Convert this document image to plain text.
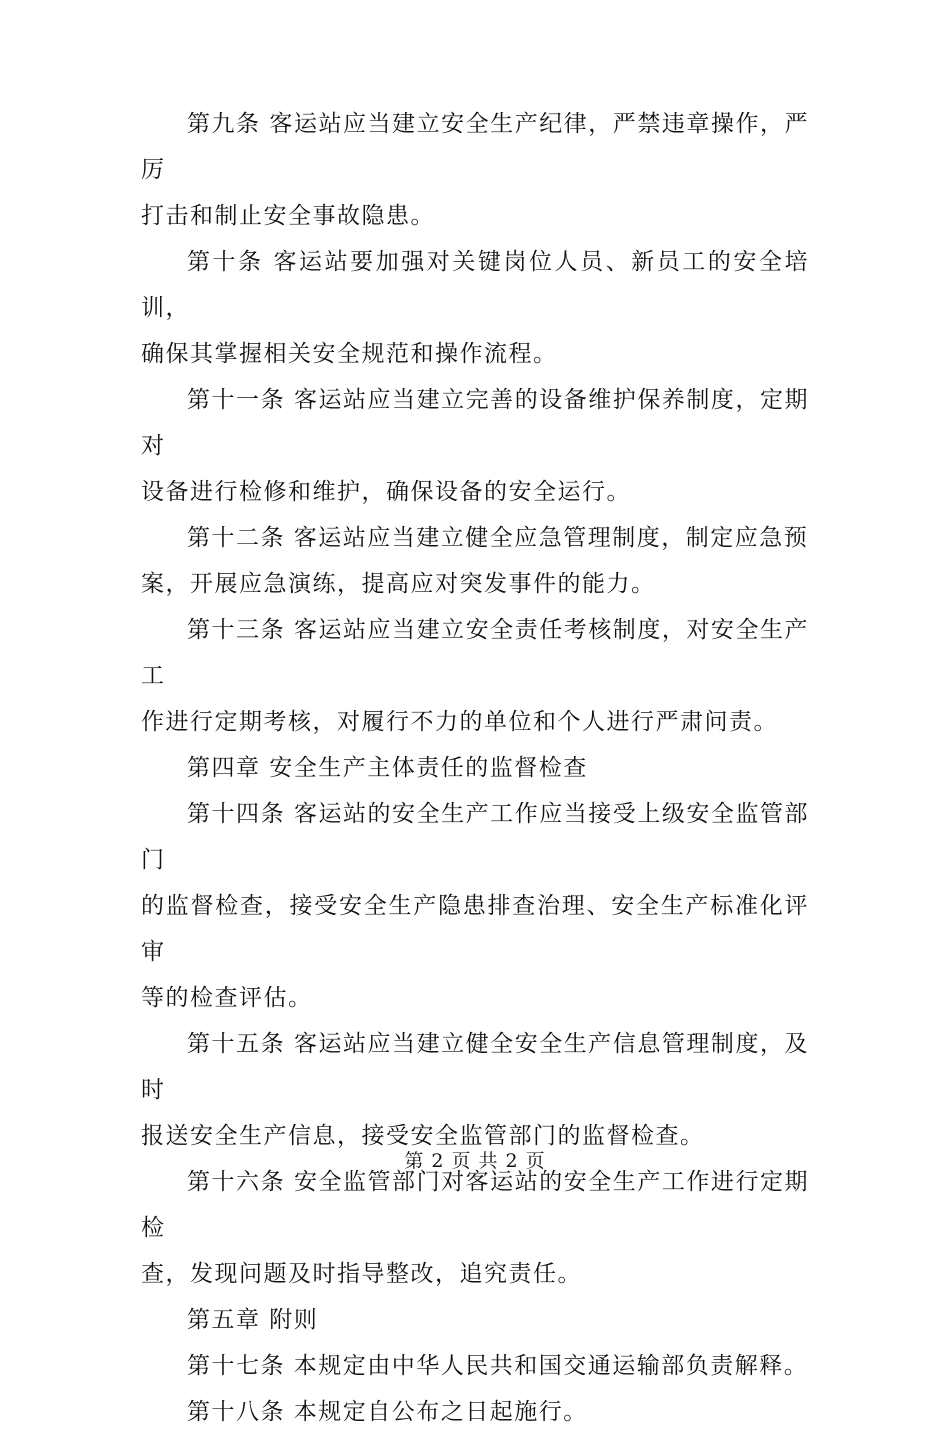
第九条 客运站应当建立安全生产纪律，严禁违章操作，严厉
打击和制止安全事故隐患。

第十条 客运站要加强对关键岗位人员、新员工的安全培训，
确保其掌握相关安全规范和操作流程。

第十一条 客运站应当建立完善的设备维护保养制度，定期对
设备进行检修和维护，确保设备的安全运行。

第十二条 客运站应当建立健全应急管理制度，制定应急预
案，开展应急演练，提高应对突发事件的能力。

第十三条 客运站应当建立安全责任考核制度，对安全生产工
作进行定期考核，对履行不力的单位和个人进行严肃问责。

第四章 安全生产主体责任的监督检查

第十四条 客运站的安全生产工作应当接受上级安全监管部门
的监督检查，接受安全生产隐患排查治理、安全生产标准化评审
等的检查评估。

第十五条 客运站应当建立健全安全生产信息管理制度，及时
报送安全生产信息，接受安全监管部门的监督检查。

第十六条 安全监管部门对客运站的安全生产工作进行定期检
查，发现问题及时指导整改，追究责任。

第五章 附则

第十七条 本规定由中华人民共和国交通运输部负责解释。

第十八条 本规定自公布之日起施行。

第 2 页 共 2 页
